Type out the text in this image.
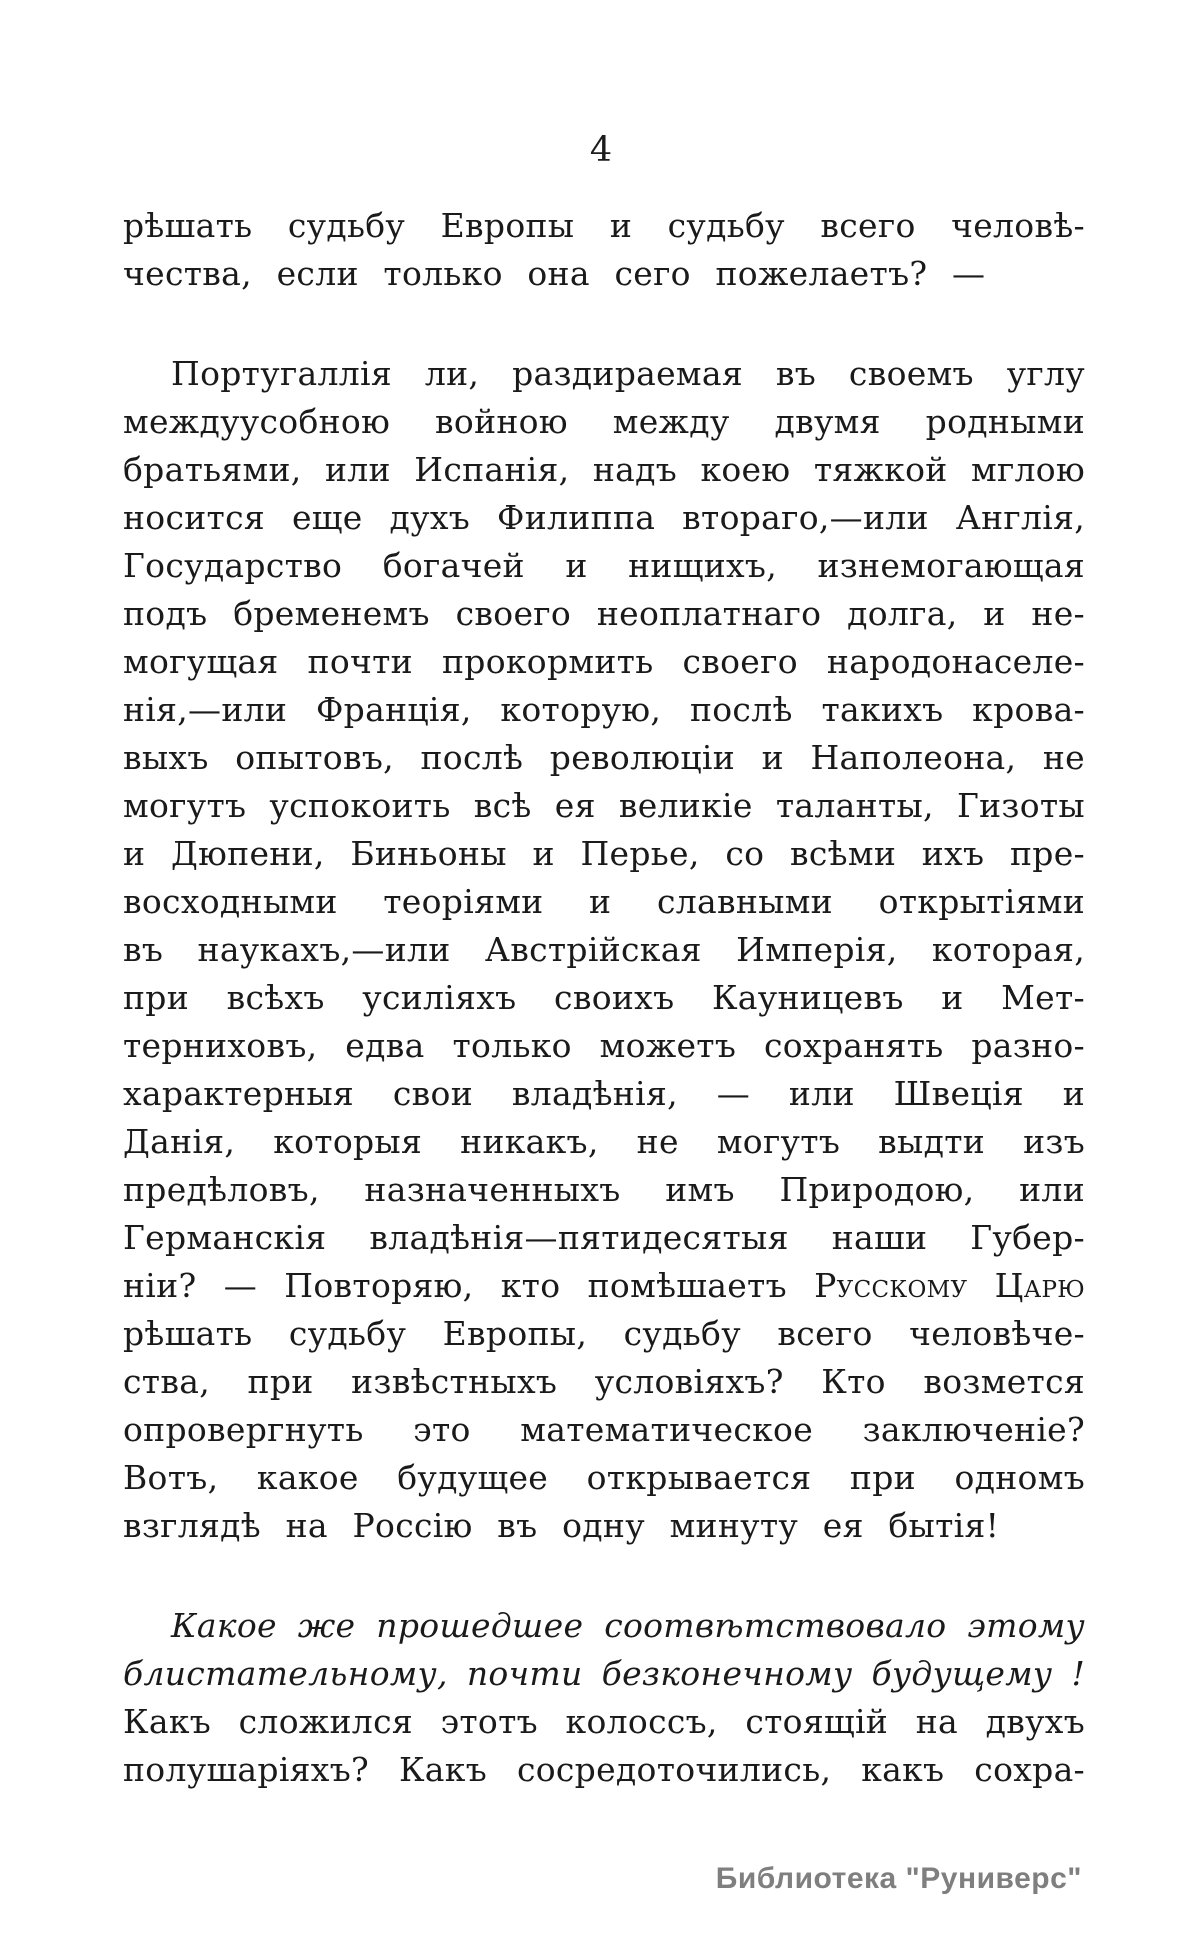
4
рѣшать судьбу Европы и судьбу всего человѣ-
чества, если только она сего пожелаетъ? —
Португаллія ли, раздираемая въ своемъ углу
междуусобною войною между двумя родными
братьями, или Испанія, надъ коею тяжкой мглою
носится еще духъ Филиппа втораго,—или Англія,
Государство богачей и нищихъ, изнемогающая
подъ бременемъ своего неоплатнаго долга, и не-
могущая почти прокормить своего народонаселе-
нія,—или Франція, которую, послѣ такихъ крова-
выхъ опытовъ, послѣ революціи и Наполеона, не
могутъ успокоить всѣ ея великіе таланты, Гизоты
и Дюпени, Биньоны и Перье, со всѣми ихъ пре-
восходными теоріями и славными открытіями
въ наукахъ,—или Австрійская Имперія, которая,
при всѣхъ усиліяхъ своихъ Кауницевъ и Мет-
терниховъ, едва только можетъ сохранять разно-
характерныя свои владѣнія, — или Швеція и
Данія, которыя никакъ, не могутъ выдти изъ
предѣловъ, назначенныхъ имъ Природою, или
Германскія владѣнія—пятидесятыя наши Губер-
ніи? — Повторяю, кто помѣшаетъ Русскому Царю
рѣшать судьбу Европы, судьбу всего человѣче-
ства, при извѣстныхъ условіяхъ? Кто возмется
опровергнуть это математическое заключеніе?
Вотъ, какое будущее открывается при одномъ
взглядѣ на Россію въ одну минуту ея бытія!
Какое же прошедшее соотвѣтствовало этому
блистательному, почти безконечному будущему !
Какъ сложился этотъ колоссъ, стоящій на двухъ
полушаріяхъ? Какъ сосредоточились, какъ сохра-
Библиотека "Руниверс"
